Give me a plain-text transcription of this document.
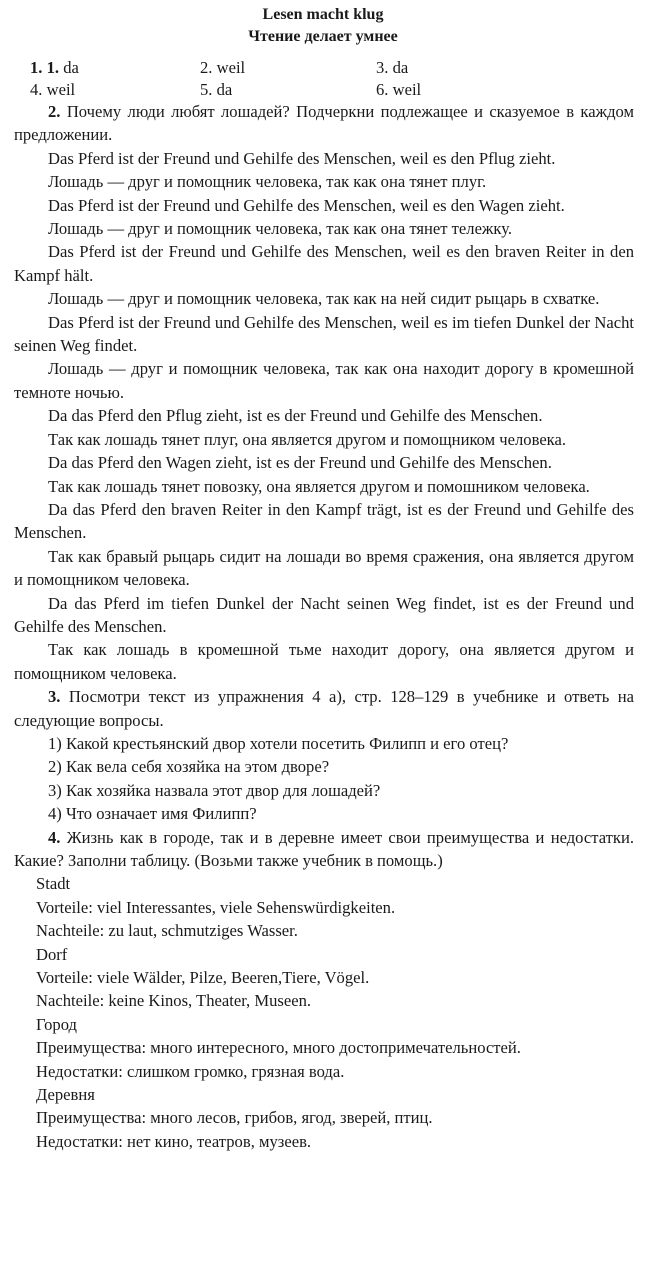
Lesen macht klug

Чтение делает умнее

1. 1. da	2. weil	3. da
4. weil	5. da	6. weil

2. Почему люди любят лошадей? Подчеркни подлежащее и сказуемое в каждом предложении.

Das Pferd ist der Freund und Gehilfe des Menschen, weil es den Pflug zieht.

Лошадь — друг и помощник человека, так как она тянет плуг.

Das Pferd ist der Freund und Gehilfe des Menschen, weil es den Wagen zieht.

Лошадь — друг и помощник человека, так как она тянет тележку.

Das Pferd ist der Freund und Gehilfe des Menschen, weil es den braven Reiter in den Kampf hält.

Лошадь — друг и помощник человека, так как на ней сидит рыцарь в схватке.

Das Pferd ist der Freund und Gehilfe des Menschen, weil es im tiefen Dunkel der Nacht seinen Weg findet.

Лошадь — друг и помощник человека, так как она находит дорогу в кромешной темноте ночью.

Da das Pferd den Pflug zieht, ist es der Freund und Gehilfe des Menschen.

Так как лошадь тянет плуг, она является другом и помощником человека.

Da das Pferd den Wagen zieht, ist es der Freund und Gehilfe des Menschen.

Так как лошадь тянет повозку, она является другом и помошником человека.

Da das Pferd den braven Reiter in den Kampf trägt, ist es der Freund und Gehilfe des Menschen.

Так как бравый рыцарь сидит на лошади во время сражения, она является другом и помощником человека.

Da das Pferd im tiefen Dunkel der Nacht seinen Weg findet, ist es der Freund und Gehilfe des Menschen.

Так как лошадь в кромешной тьме находит дорогу, она является другом и помощником человека.

3. Посмотри текст из упражнения 4 а), стр. 128–129 в учебнике и ответь на следующие вопросы.

1) Какой крестьянский двор хотели посетить Филипп и его отец?

2) Как вела себя хозяйка на этом дворе?

3) Как хозяйка назвала этот двор для лошадей?

4) Что означает имя Филипп?

4. Жизнь как в городе, так и в деревне имеет свои преимущества и недостатки. Какие? Заполни таблицу. (Возьми также учебник в помощь.)

Stadt

Vorteile: viel Interessantes, viele Sehenswürdigkeiten.

Nachteile: zu laut, schmutziges Wasser.

Dorf

Vorteile: viele Wälder, Pilze, Beeren,Tiere, Vögel.

Nachteile: keine Kinos, Theater, Museen.

Город

Преимущества: много интересного, много достопримечательностей.

Недостатки: слишком громко, грязная вода.

Деревня

Преимущества: много лесов, грибов, ягод, зверей, птиц.

Недостатки: нет кино, театров, музеев.
